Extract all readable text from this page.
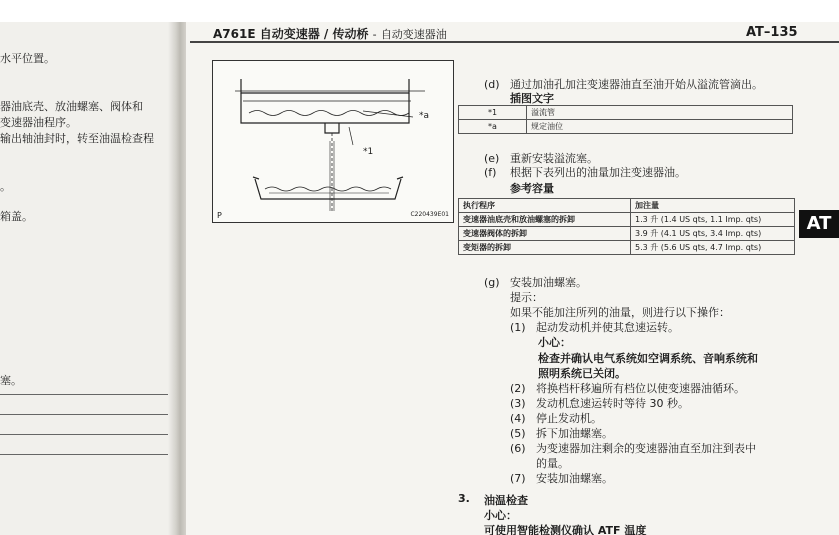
水平位置。
器油底壳、放油螺塞、阀体和
变速器油程序。
输出轴油封时，转至油温检查程
。
箱盖。
塞。
A761E 自动变速器 / 传动桥 - 自动变速器油	AT–135
*a
*1
P	C220439E01
(d) 通过加油孔加注变速器油直至油开始从溢流管滴出。
插图文字
*1	溢流管
*a	规定油位
(e) 重新安装溢流塞。
(f) 根据下表列出的油量加注变速器油。
参考容量
执行程序	加注量
变速器油底壳和放油螺塞的拆卸	1.3 升 (1.4 US qts, 1.1 Imp. qts)
变速器阀体的拆卸	3.9 升 (4.1 US qts, 3.4 Imp. qts)
变矩器的拆卸	5.3 升 (5.6 US qts, 4.7 Imp. qts)
AT
(g) 安装加油螺塞。
提示：
如果不能加注所列的油量，则进行以下操作：
(1) 起动发动机并使其怠速运转。
小心：
检查并确认电气系统如空调系统、音响系统和
照明系统已关闭。
(2) 将换档杆移遍所有档位以使变速器油循环。
(3) 发动机怠速运转时等待 30 秒。
(4) 停止发动机。
(5) 拆下加油螺塞。
(6) 为变速器加注剩余的变速器油直至加注到表中
的量。
(7) 安装加油螺塞。
3. 油温检查
小心：
可使用智能检测仪确认 ATF 温度
